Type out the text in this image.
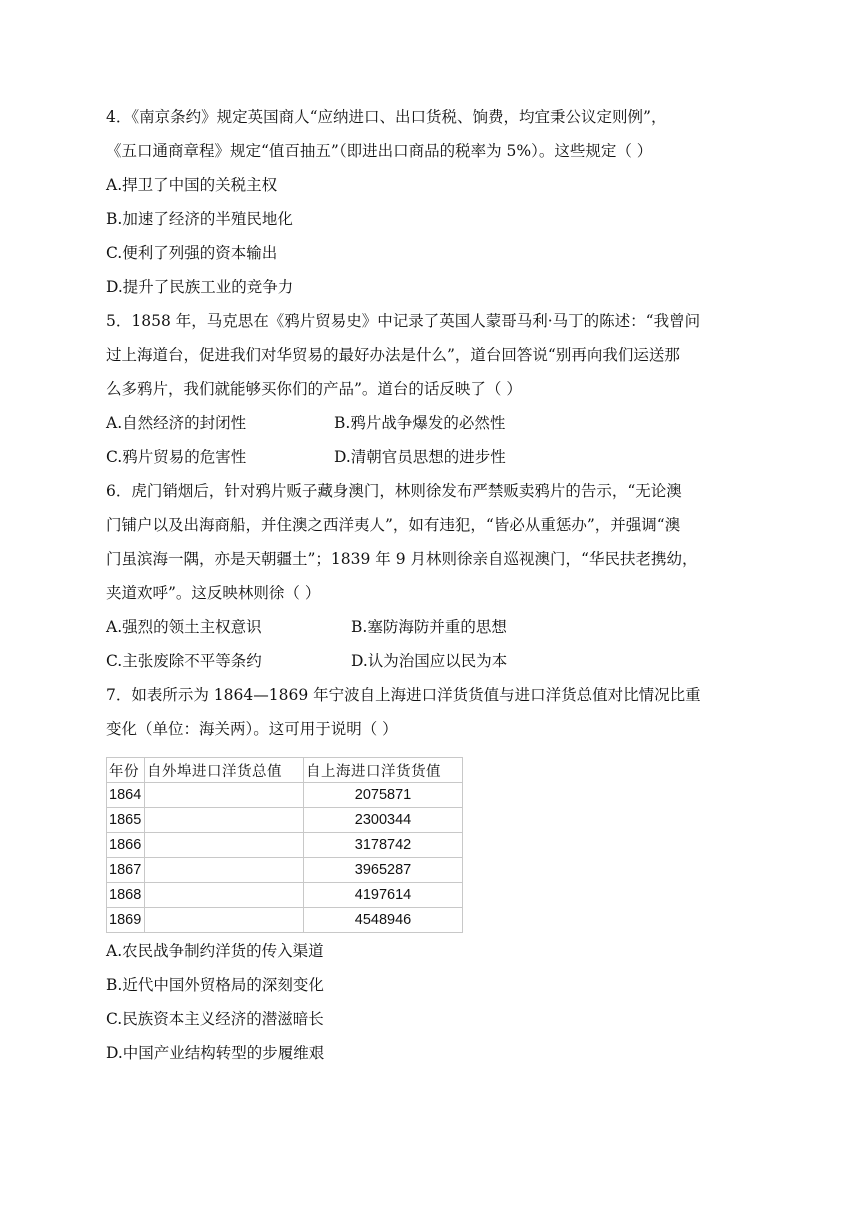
4．《南京条约》规定英国商人“应纳进口、出口货税、饷费，均宜秉公议定则例”，
《五口通商章程》规定“值百抽五”（即进出口商品的税率为 5%）。这些规定（ ）
A.捍卫了中国的关税主权
B.加速了经济的半殖民地化
C.便利了列强的资本输出
D.提升了民族工业的竞争力
5．1858 年，马克思在《鸦片贸易史》中记录了英国人蒙哥马利·马丁的陈述：“我曾问
过上海道台，促进我们对华贸易的最好办法是什么”，道台回答说“别再向我们运送那
么多鸦片，我们就能够买你们的产品”。道台的话反映了（ ）
A.自然经济的封闭性	B.鸦片战争爆发的必然性
C.鸦片贸易的危害性	D.清朝官员思想的进步性
6．虎门销烟后，针对鸦片贩子藏身澳门，林则徐发布严禁贩卖鸦片的告示，“无论澳
门铺户以及出海商船，并住澳之西洋夷人”，如有违犯，“皆必从重惩办”，并强调“澳
门虽滨海一隅，亦是天朝疆土”；1839 年 9 月林则徐亲自巡视澳门，“华民扶老携幼，
夹道欢呼”。这反映林则徐（ ）
A.强烈的领土主权意识	B.塞防海防并重的思想
C.主张废除不平等条约	D.认为治国应以民为本
7．如表所示为 1864—1869 年宁波自上海进口洋货货值与进口洋货总值对比情况比重
变化（单位：海关两）。这可用于说明（ ）
年份	自外埠进口洋货总值	自上海进口洋货货值
1864		2075871
1865		2300344
1866		3178742
1867		3965287
1868		4197614
1869		4548946
A.农民战争制约洋货的传入渠道
B.近代中国外贸格局的深刻变化
C.民族资本主义经济的潜滋暗长
D.中国产业结构转型的步履维艰
